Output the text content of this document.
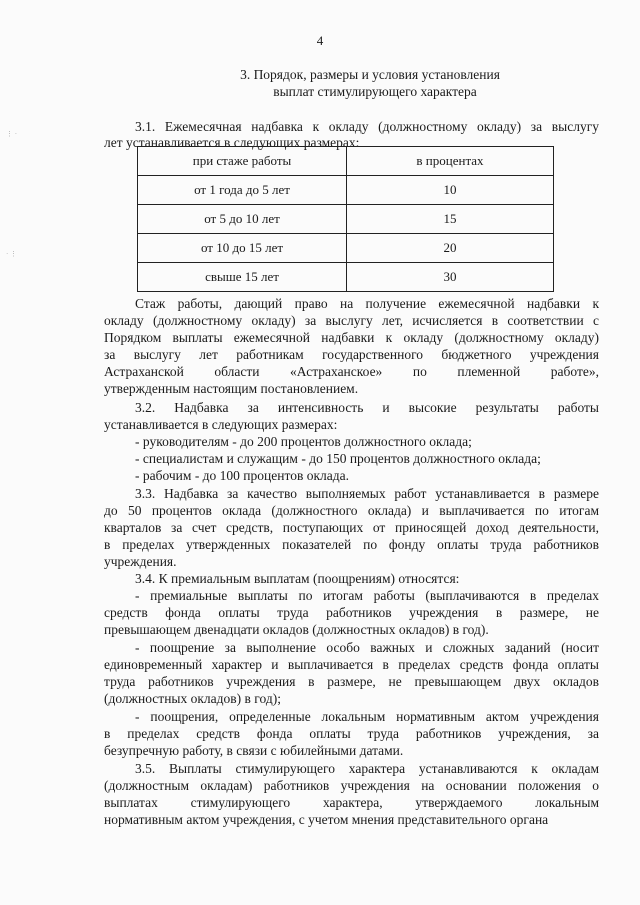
⋮ ·
· ⋮
4
3. Порядок, размеры и условия установления
выплат стимулирующего характера
3.1. Ежемесячная надбавка к окладу (должностному окладу) за выслугу
лет устанавливается в следующих размерах:
при стаже работы	в процентах
от 1 года до 5 лет	10
от 5 до 10 лет	15
от 10 до 15 лет	20
свыше 15 лет	30
Стаж работы, дающий право на получение ежемесячной надбавки к
окладу (должностному окладу) за выслугу лет, исчисляется в соответствии с
Порядком выплаты ежемесячной надбавки к окладу (должностному окладу)
за выслугу лет работникам государственного бюджетного учреждения
Астраханской области «Астраханское» по племенной работе»,
утвержденным настоящим постановлением.
3.2. Надбавка за интенсивность и высокие результаты работы
устанавливается в следующих размерах:
- руководителям - до 200 процентов должностного оклада;
- специалистам и служащим - до 150 процентов должностного оклада;
- рабочим - до 100 процентов оклада.
3.3. Надбавка за качество выполняемых работ устанавливается в размере
до 50 процентов оклада (должностного оклада) и выплачивается по итогам
кварталов за счет средств, поступающих от приносящей доход деятельности,
в пределах утвержденных показателей по фонду оплаты труда работников
учреждения.
3.4. К премиальным выплатам (поощрениям) относятся:
- премиальные выплаты по итогам работы (выплачиваются в пределах
средств фонда оплаты труда работников учреждения в размере, не
превышающем двенадцати окладов (должностных окладов) в год).
- поощрение за выполнение особо важных и сложных заданий (носит
единовременный характер и выплачивается в пределах средств фонда оплаты
труда работников учреждения в размере, не превышающем двух окладов
(должностных окладов) в год);
- поощрения, определенные локальным нормативным актом учреждения
в пределах средств фонда оплаты труда работников учреждения, за
безупречную работу, в связи с юбилейными датами.
3.5. Выплаты стимулирующего характера устанавливаются к окладам
(должностным окладам) работников учреждения на основании положения о
выплатах стимулирующего характера, утверждаемого локальным
нормативным актом учреждения, с учетом мнения представительного органа
